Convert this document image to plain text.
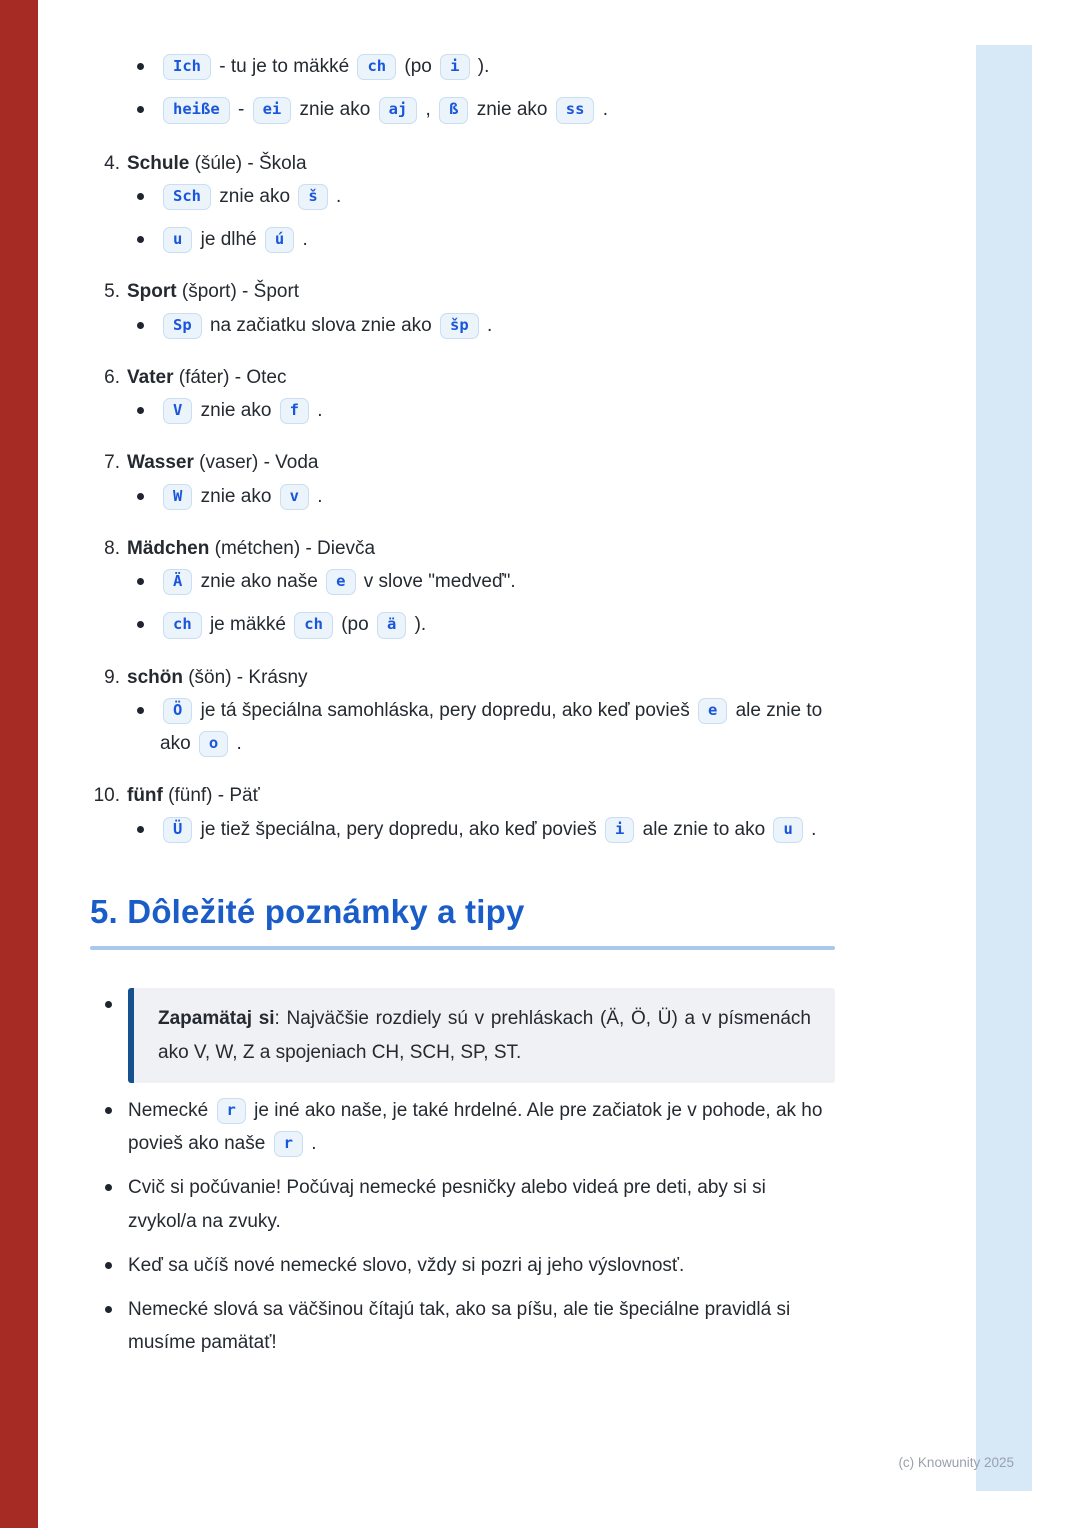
Ich - tu je to mäkké ch (po i ).
heiße - ei znie ako aj , ß znie ako ss .
4. Schule (šúle) - Škola
Sch znie ako š .
u je dlhé ú .
5. Sport (šport) - Šport
Sp na začiatku slova znie ako šp .
6. Vater (fáter) - Otec
V znie ako f .
7. Wasser (vaser) - Voda
W znie ako v .
8. Mädchen (métchen) - Dievča
Ä znie ako naše e v slove "medveď".
ch je mäkké ch (po ä ).
9. schön (šön) - Krásny
Ö je tá špeciálna samohláska, pery dopredu, ako keď povieš e ale znie to ako o .
10. fünf (fünf) - Päť
Ü je tiež špeciálna, pery dopredu, ako keď povieš i ale znie to ako u .
5. Dôležité poznámky a tipy

Zapamätaj si: Najväčšie rozdiely sú v prehláskach (Ä, Ö, Ü) a v písmenách ako V, W, Z a spojeniach CH, SCH, SP, ST.

Nemecké r je iné ako naše, je také hrdelné. Ale pre začiatok je v pohode, ak ho povieš ako naše r .
Cvič si počúvanie! Počúvaj nemecké pesničky alebo videá pre deti, aby si si zvykol/a na zvuky.
Keď sa učíš nové nemecké slovo, vždy si pozri aj jeho výslovnosť.
Nemecké slová sa väčšinou čítajú tak, ako sa píšu, ale tie špeciálne pravidlá si musíme pamätať!
(c) Knowunity 2025
